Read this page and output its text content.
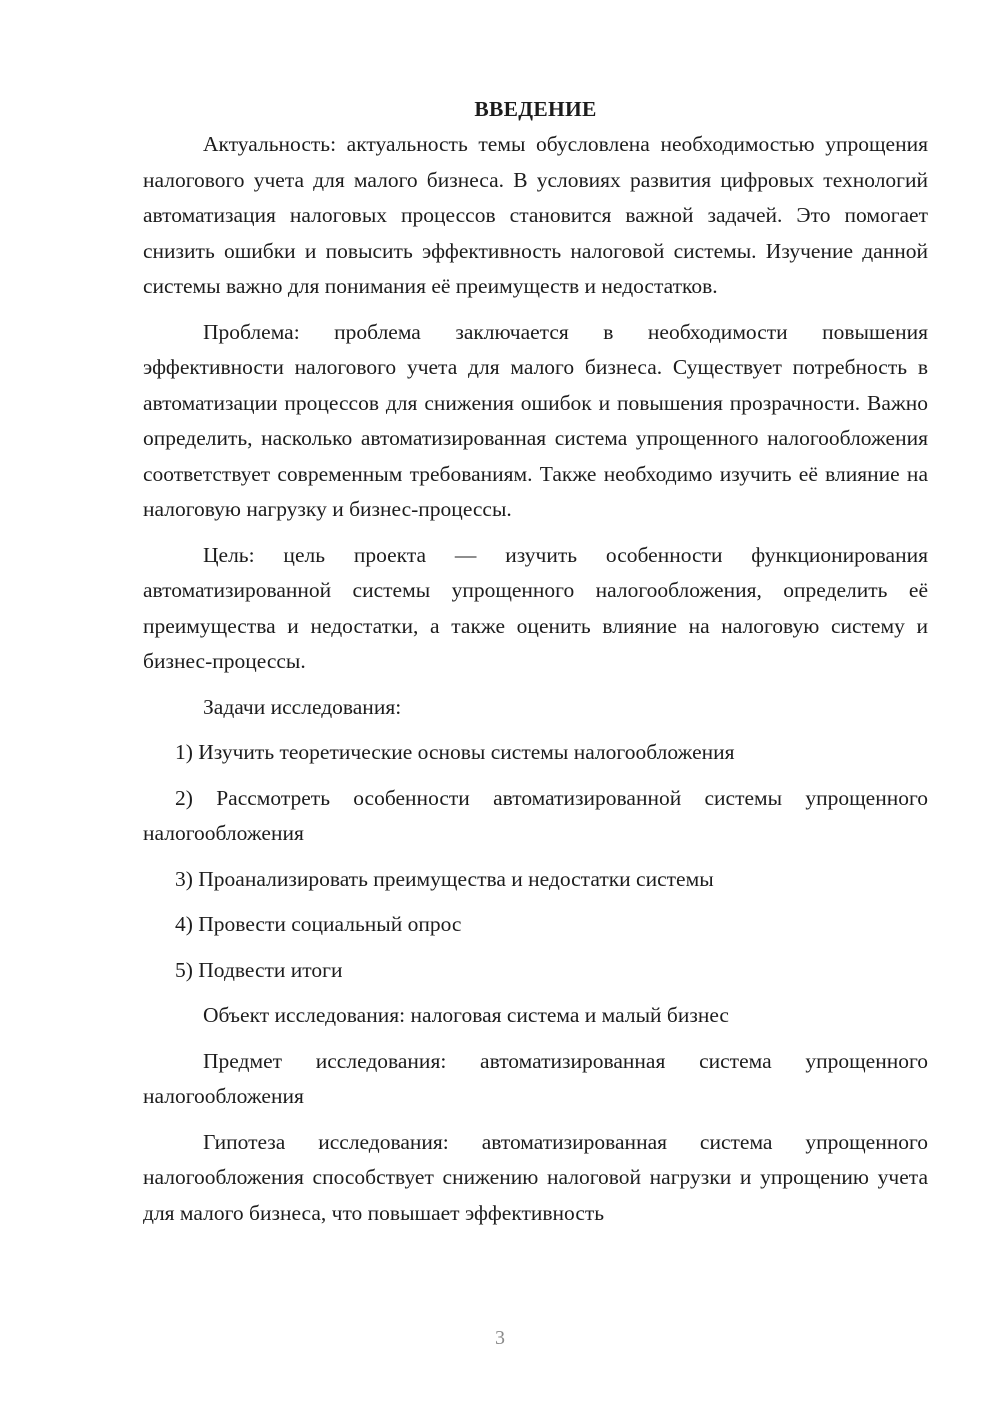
ВВЕДЕНИЕ

Актуальность: актуальность темы обусловлена необходимостью упрощения налогового учета для малого бизнеса. В условиях развития цифровых технологий автоматизация налоговых процессов становится важной задачей. Это помогает снизить ошибки и повысить эффективность налоговой системы. Изучение данной системы важно для понимания её преимуществ и недостатков.

Проблема: проблема заключается в необходимости повышения эффективности налогового учета для малого бизнеса. Существует потребность в автоматизации процессов для снижения ошибок и повышения прозрачности. Важно определить, насколько автоматизированная система упрощенного налогообложения соответствует современным требованиям. Также необходимо изучить её влияние на налоговую нагрузку и бизнес-процессы.

Цель: цель проекта — изучить особенности функционирования автоматизированной системы упрощенного налогообложения, определить её преимущества и недостатки, а также оценить влияние на налоговую систему и бизнес-процессы.

Задачи исследования:

1) Изучить теоретические основы системы налогообложения

2) Рассмотреть особенности автоматизированной системы упрощенного налогообложения

3) Проанализировать преимущества и недостатки системы

4) Провести социальный опрос

5) Подвести итоги

Объект исследования: налоговая система и малый бизнес

Предмет исследования: автоматизированная система упрощенного налогообложения

Гипотеза исследования: автоматизированная система упрощенного налогообложения способствует снижению налоговой нагрузки и упрощению учета для малого бизнеса, что повышает эффективность

3
